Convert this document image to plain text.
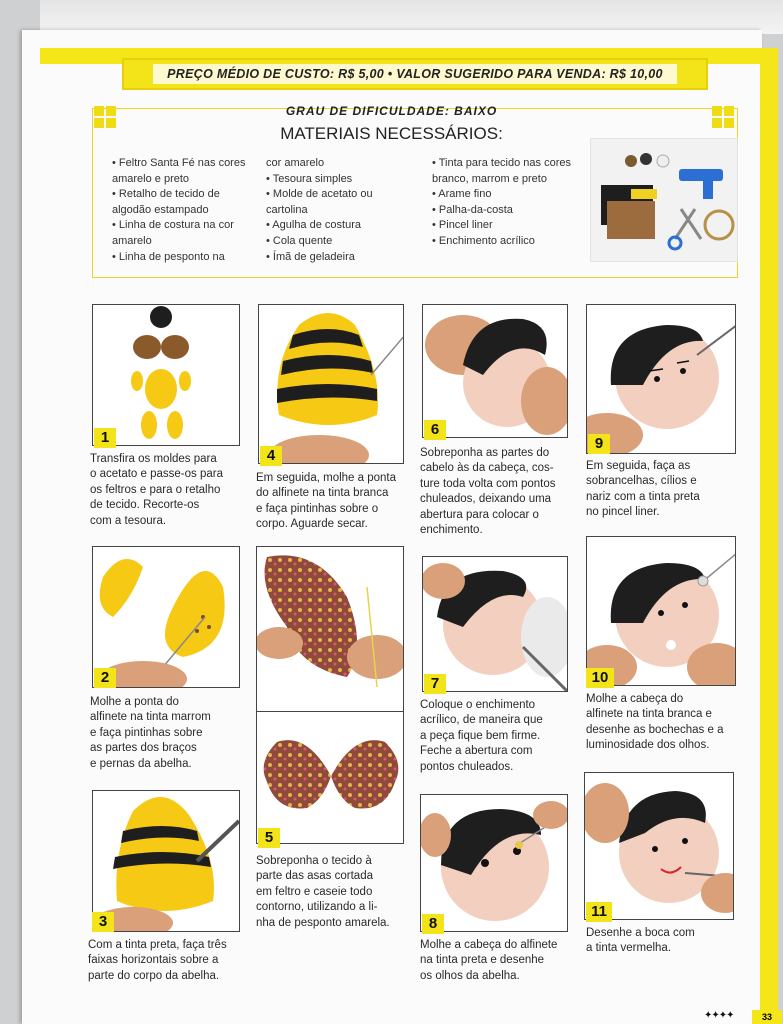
PREÇO MÉDIO DE CUSTO: R$ 5,00 • VALOR SUGERIDO PARA VENDA: R$ 10,00
GRAU DE DIFICULDADE: BAIXO
MATERIAIS NECESSÁRIOS:
• Feltro Santa Fé nas cores
amarelo e preto
• Retalho de tecido de
algodão estampado
• Linha de costura na cor
amarelo
• Linha de pesponto na
cor amarelo
• Tesoura simples
• Molde de acetato ou
cartolina
• Agulha de costura
• Cola quente
• Ímã de geladeira
• Tinta para tecido nas cores
branco, marrom e preto
• Arame fino
• Palha-da-costa
• Pincel liner
• Enchimento acrílico
1
Transfira os moldes para
o acetato e passe-os para
os feltros e para o retalho
de tecido. Recorte-os
com a tesoura.
2
Molhe a ponta do
alfinete na tinta marrom
e faça pintinhas sobre
as partes dos braços
e pernas da abelha.
3
Com a tinta preta, faça três
faixas horizontais sobre a
parte do corpo da abelha.
4
Em seguida, molhe a ponta
do alfinete na tinta branca
e faça pintinhas sobre o
corpo. Aguarde secar.
5
Sobreponha o tecido à
parte das asas cortada
em feltro e caseie todo
contorno, utilizando a li-
nha de pesponto amarela.
6
Sobreponha as partes do
cabelo às da cabeça, cos-
ture toda volta com pontos
chuleados, deixando uma
abertura para colocar o
enchimento.
7
Coloque o enchimento
acrílico, de maneira que
a peça fique bem firme.
Feche a abertura com
pontos chuleados.
8
Molhe a cabeça do alfinete
na tinta preta e desenhe
os olhos da abelha.
9
Em seguida, faça as
sobrancelhas, cílios e
nariz com a tinta preta
no pincel liner.
10
Molhe a cabeça do
alfinete na tinta branca e
desenhe as bochechas e a
luminosidade dos olhos.
11
Desenhe a boca com
a tinta vermelha.
✦✦✦✦	33
